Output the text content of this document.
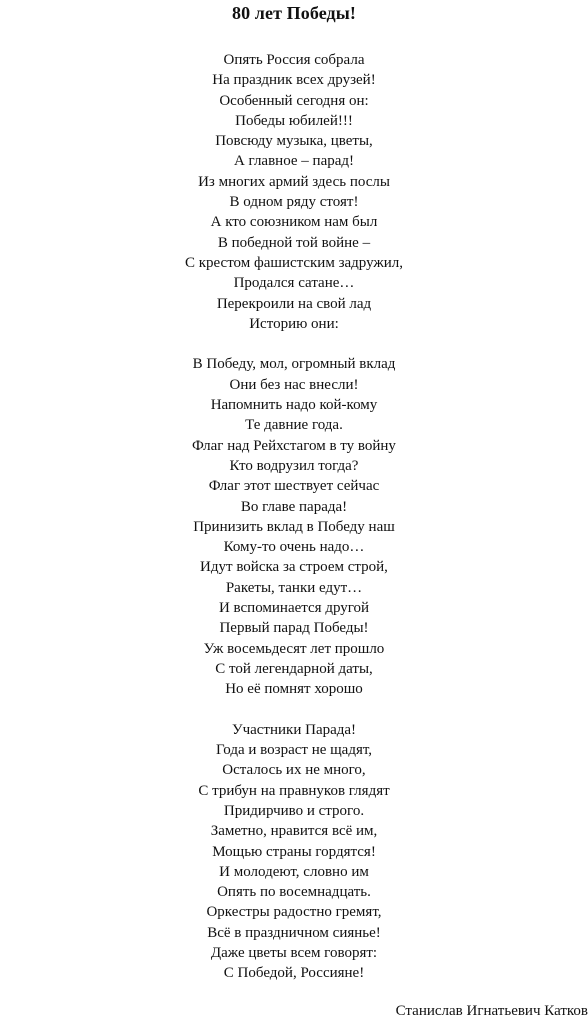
80 лет Победы!
Опять Россия собрала
На праздник всех друзей!
Особенный сегодня он:
Победы юбилей!!!
Повсюду музыка, цветы,
А главное – парад!
Из многих армий здесь послы
В одном ряду стоят!
А кто союзником нам был
В победной той войне –
С крестом фашистским задружил,
Продался сатане…
Перекроили на свой лад
Историю они:
В Победу, мол, огромный вклад
Они без нас внесли!
Напомнить надо кой-кому
Те давние года.
Флаг над Рейхстагом в ту войну
Кто водрузил тогда?
Флаг этот шествует сейчас
Во главе парада!
Принизить вклад в Победу наш
Кому-то очень надо…
Идут войска за строем строй,
Ракеты, танки едут…
И вспоминается другой
Первый парад Победы!
Уж восемьдесят лет прошло
С той легендарной даты,
Но её помнят хорошо
Участники Парада!
Года и возраст не щадят,
Осталось их не много,
С трибун на правнуков глядят
Придирчиво и строго.
Заметно, нравится всё им,
Мощью страны гордятся!
И молодеют, словно им
Опять по восемнадцать.
Оркестры радостно гремят,
Всё в праздничном сиянье!
Даже цветы всем говорят:
С Победой, Россияне!
Станислав Игнатьевич Катков
